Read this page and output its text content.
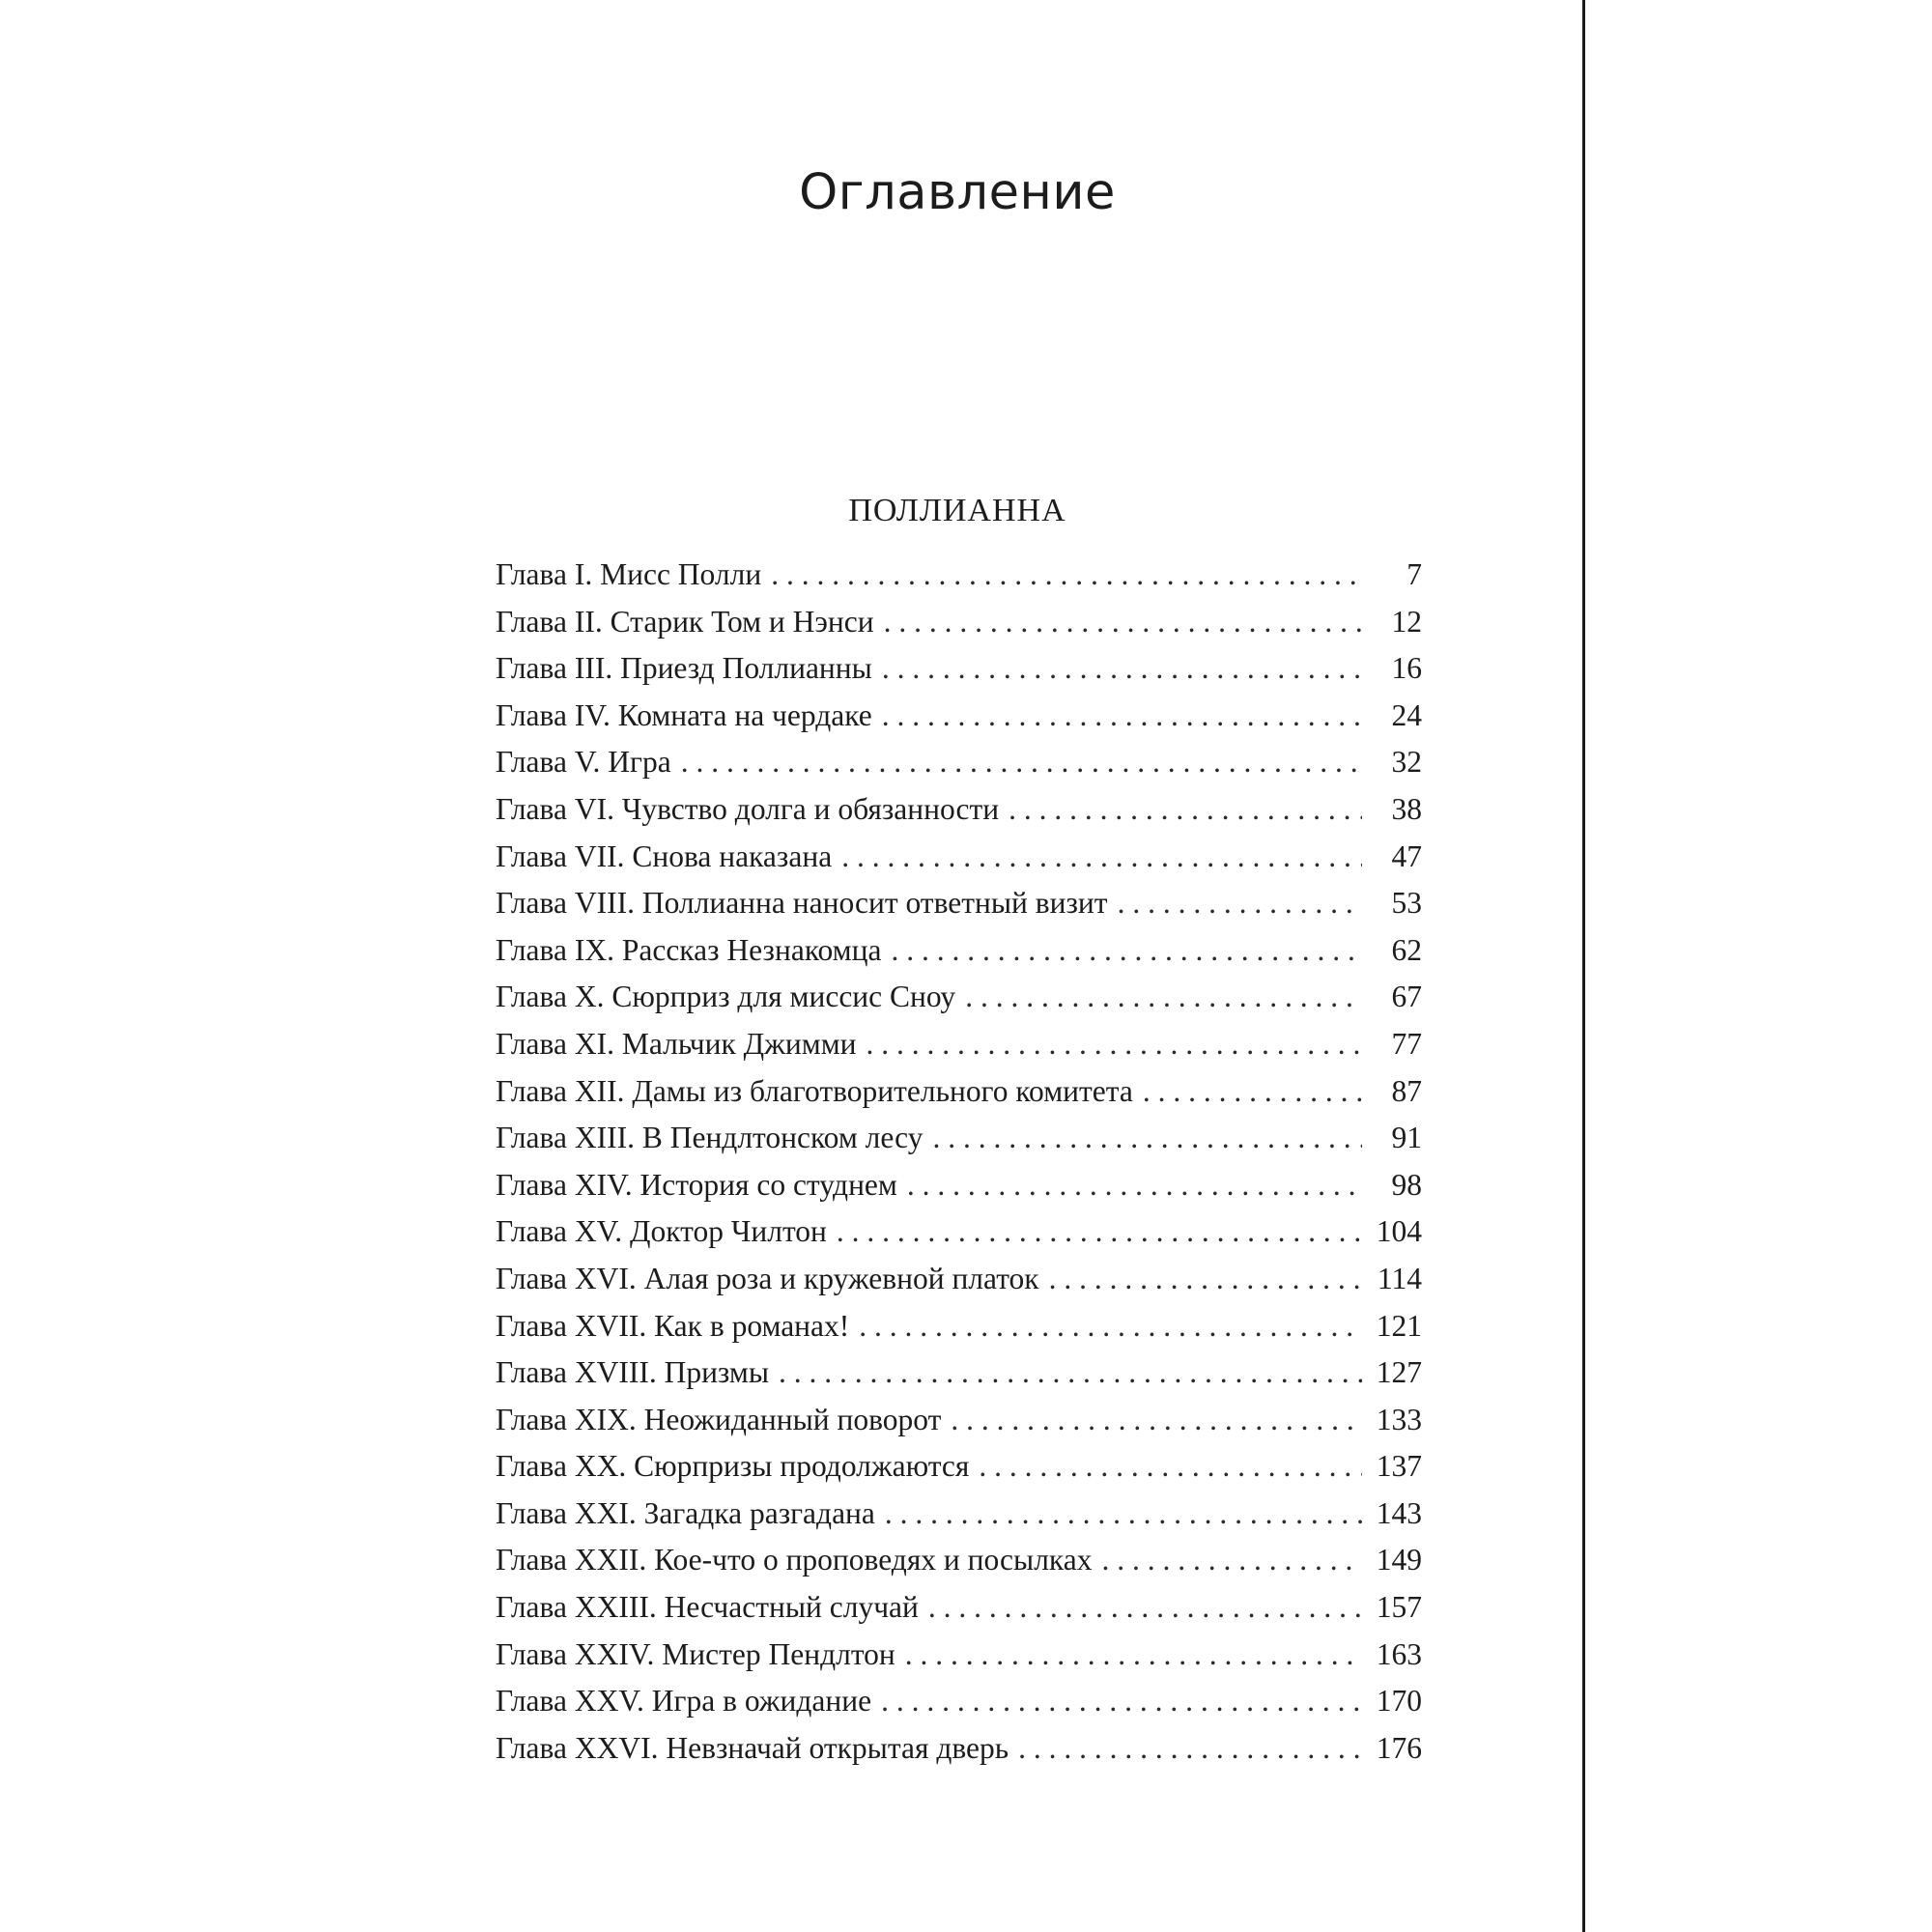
Оглавление
ПОЛЛИАННА
Глава I. Мисс Полли . . .	7
Глава II. Старик Том и Нэнси . . .	12
Глава III. Приезд Поллианны . . .	16
Глава IV. Комната на чердаке . . .	24
Глава V. Игра . . .	32
Глава VI. Чувство долга и обязанности . . .	38
Глава VII. Снова наказана . . .	47
Глава VIII. Поллианна наносит ответный визит . . .	53
Глава IX. Рассказ Незнакомца . . .	62
Глава X. Сюрприз для миссис Сноу . . .	67
Глава XI. Мальчик Джимми . . .	77
Глава XII. Дамы из благотворительного комитета . . .	87
Глава XIII. В Пендлтонском лесу . . .	91
Глава XIV. История со студнем . . .	98
Глава XV. Доктор Чилтон . . .	104
Глава XVI. Алая роза и кружевной платок . . .	114
Глава XVII. Как в романах! . . .	121
Глава XVIII. Призмы . . .	127
Глава XIX. Неожиданный поворот . . .	133
Глава XX. Сюрпризы продолжаются . . .	137
Глава XXI. Загадка разгадана . . .	143
Глава XXII. Кое-что о проповедях и посылках . . .	149
Глава XXIII. Несчастный случай . . .	157
Глава XXIV. Мистер Пендлтон . . .	163
Глава XXV. Игра в ожидание . . .	170
Глава XXVI. Невзначай открытая дверь . . .	176
